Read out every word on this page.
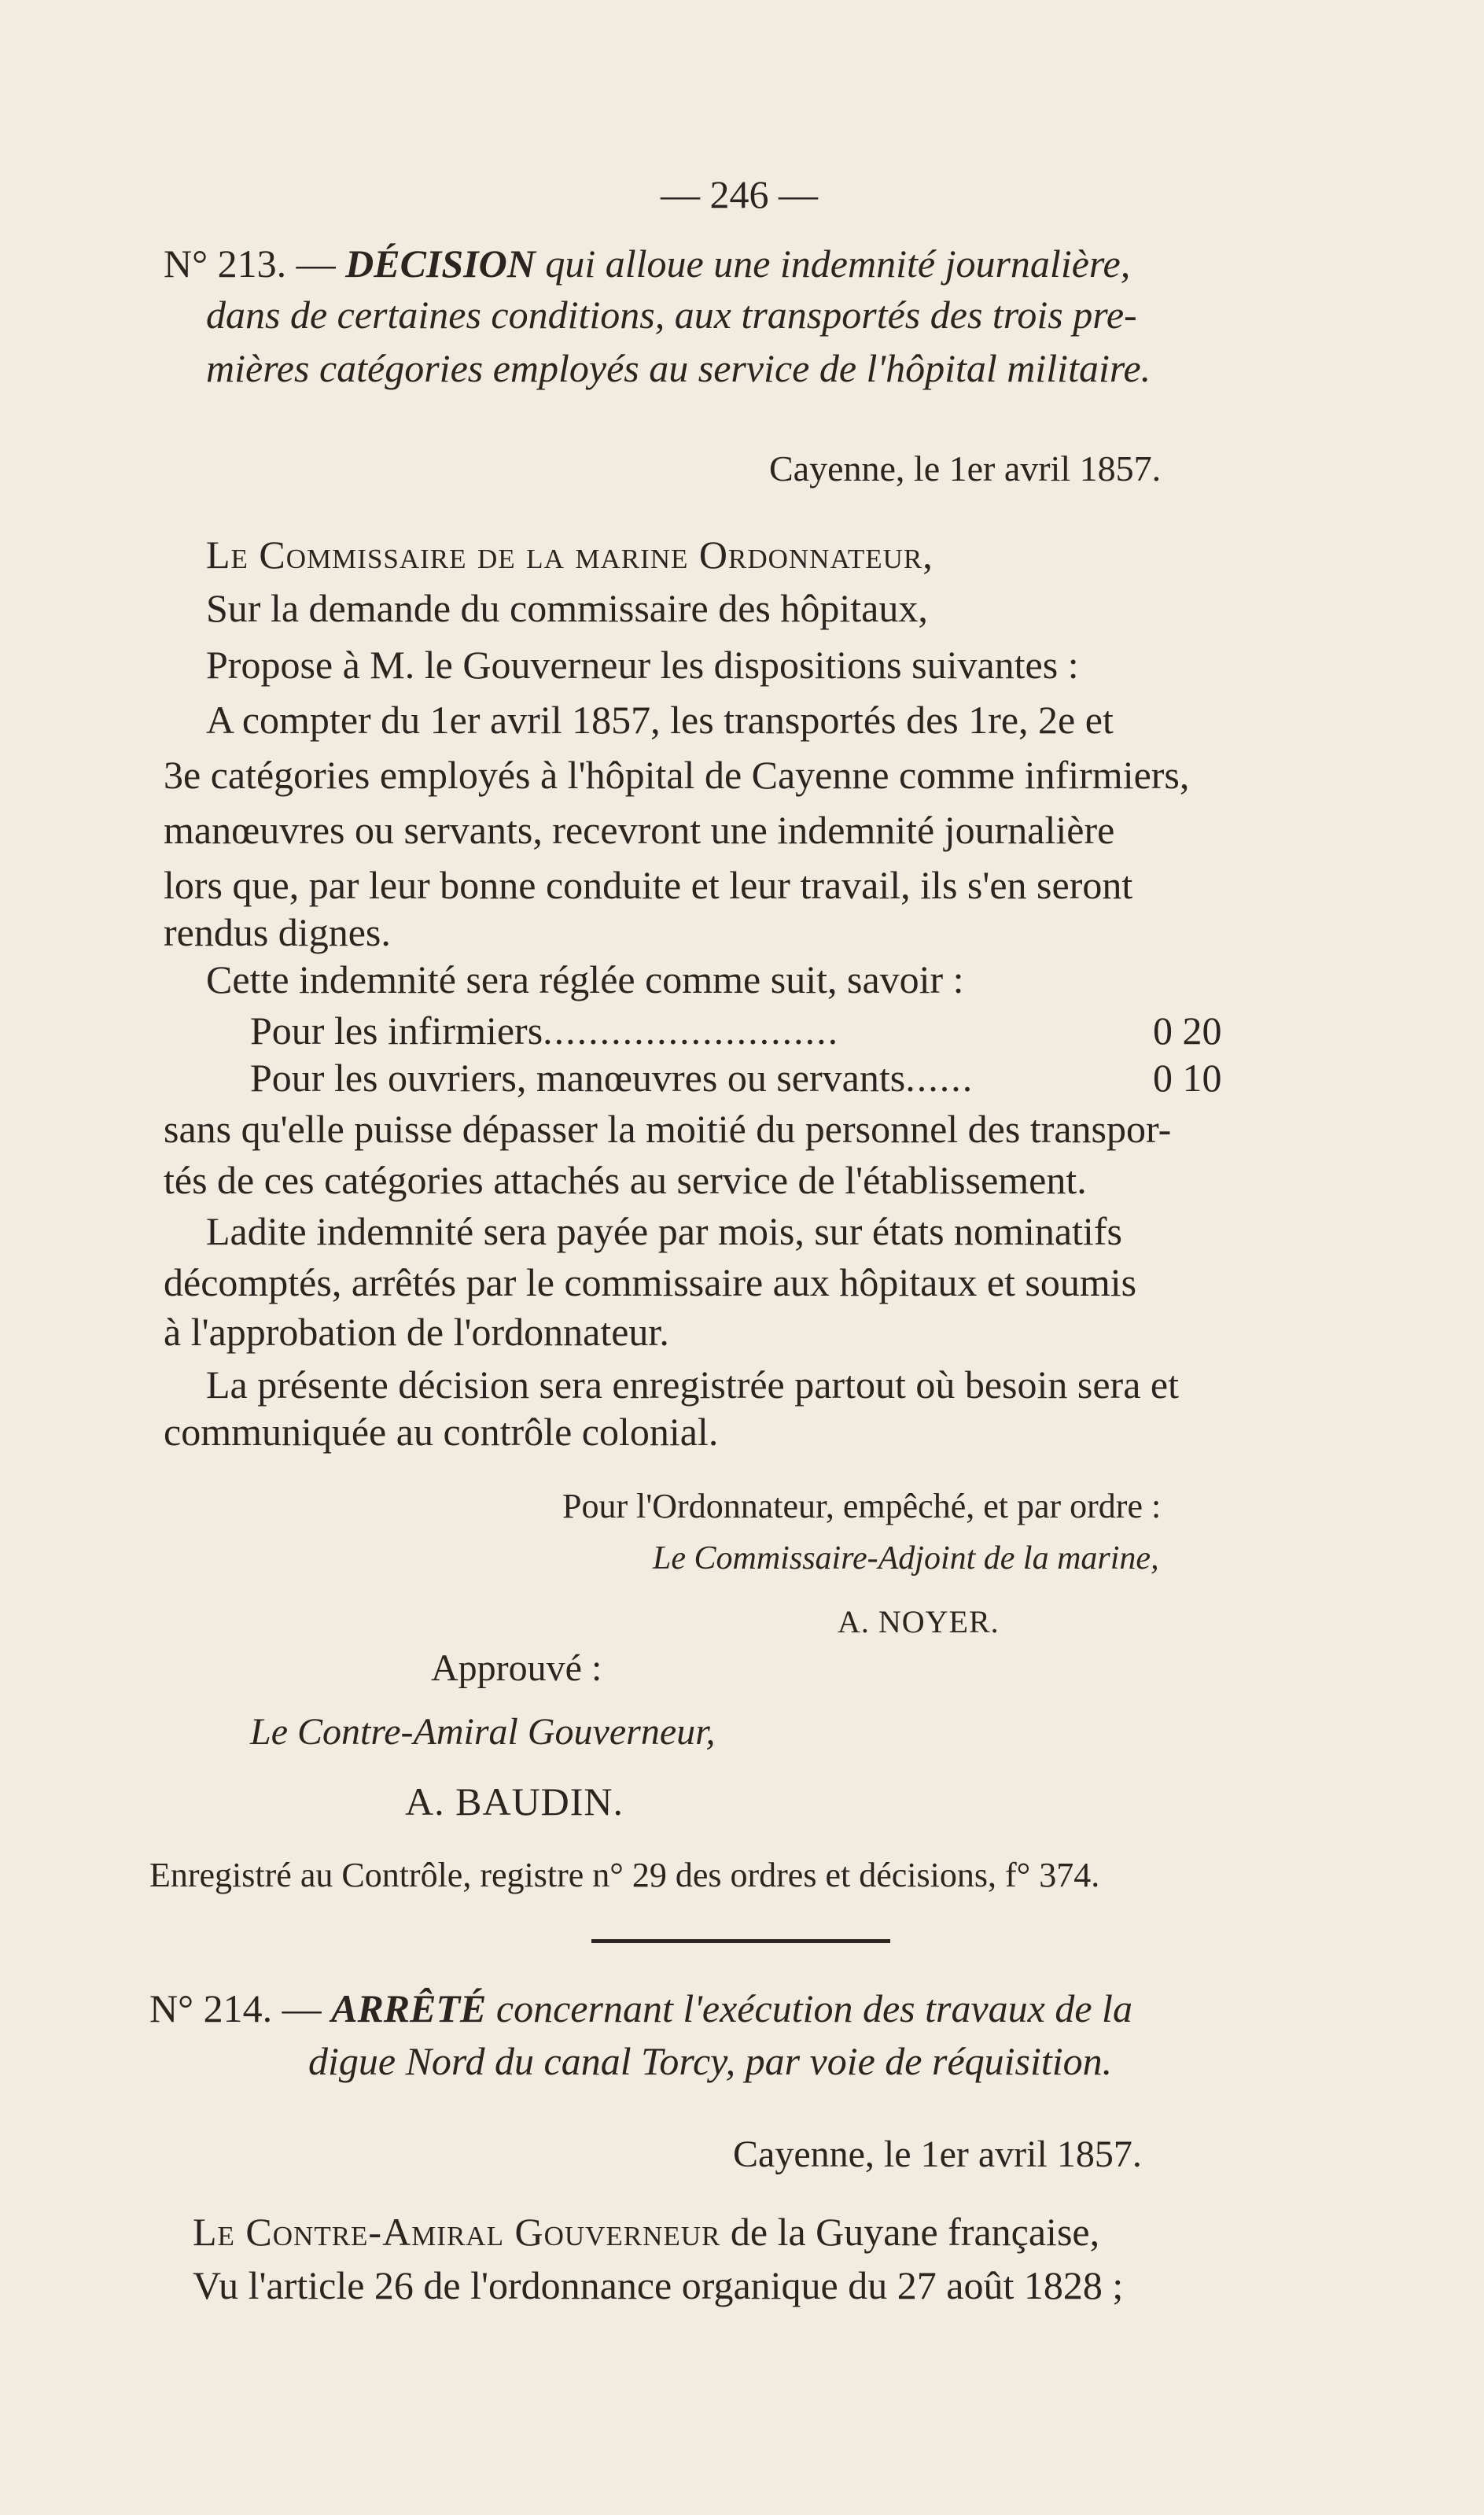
— 246 —
N° 213. — DÉCISION qui alloue une indemnité journalière,
dans de certaines conditions, aux transportés des trois pre-
mières catégories employés au service de l'hôpital militaire.
Cayenne, le 1er avril 1857.
Le Commissaire de la marine Ordonnateur,
Sur la demande du commissaire des hôpitaux,
Propose à M. le Gouverneur les dispositions suivantes :
A compter du 1er avril 1857, les transportés des 1re, 2e et
3e catégories employés à l'hôpital de Cayenne comme infirmiers,
manœuvres ou servants, recevront une indemnité journalière
lors que, par leur bonne conduite et leur travail, ils s'en seront
rendus dignes.
Cette indemnité sera réglée comme suit, savoir :
Pour les infirmiers..........................	0 20
Pour les ouvriers, manœuvres ou servants......	0 10
sans qu'elle puisse dépasser la moitié du personnel des transpor-
tés de ces catégories attachés au service de l'établissement.
Ladite indemnité sera payée par mois, sur états nominatifs
décomptés, arrêtés par le commissaire aux hôpitaux et soumis
à l'approbation de l'ordonnateur.
La présente décision sera enregistrée partout où besoin sera et
communiquée au contrôle colonial.
Pour l'Ordonnateur, empêché, et par ordre :
Le Commissaire-Adjoint de la marine,
A. NOYER.
Approuvé :
Le Contre-Amiral Gouverneur,
A. BAUDIN.
Enregistré au Contrôle, registre n° 29 des ordres et décisions, f° 374.
N° 214. — ARRÊTÉ concernant l'exécution des travaux de la
digue Nord du canal Torcy, par voie de réquisition.
Cayenne, le 1er avril 1857.
Le Contre-Amiral Gouverneur de la Guyane française,
Vu l'article 26 de l'ordonnance organique du 27 août 1828 ;
